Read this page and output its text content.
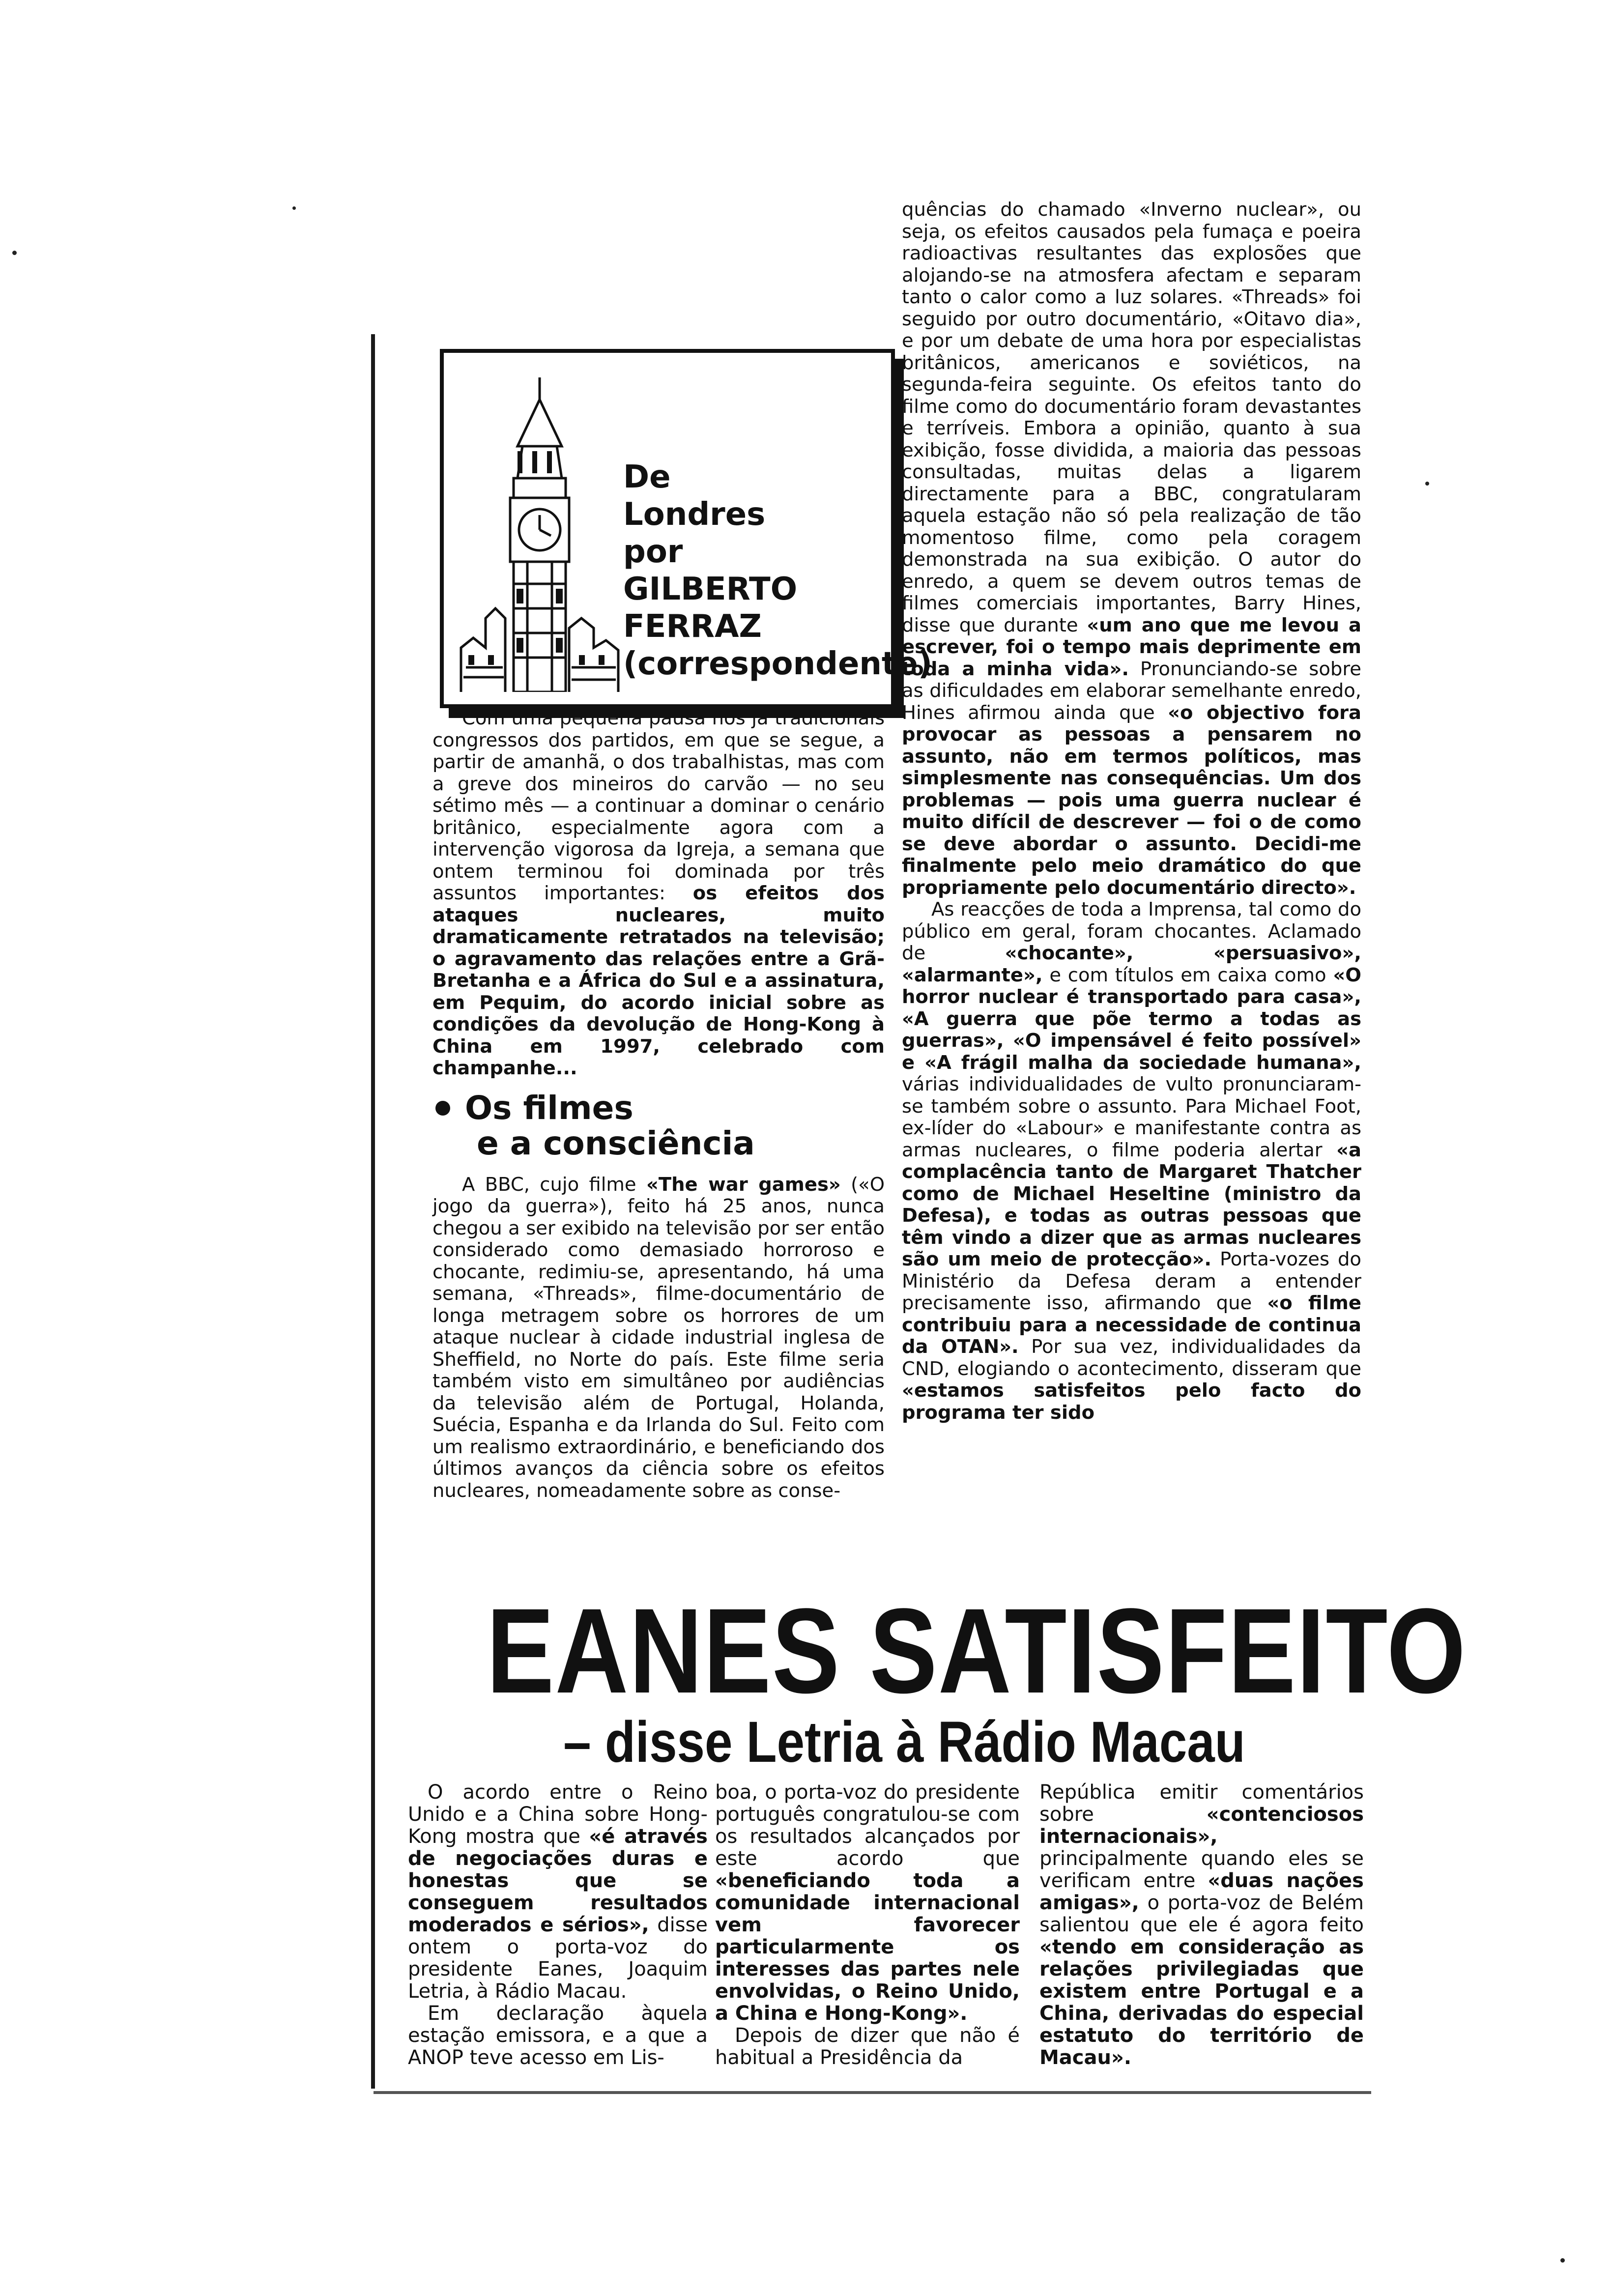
De
Londres
por
GILBERTO
FERRAZ
(correspondente)

Com uma pequena pausa nos já tradicionais congressos dos partidos, em que se segue, a partir de amanhã, o dos trabalhistas, mas com a greve dos mineiros do carvão — no seu sétimo mês — a continuar a dominar o cenário britânico, especialmente agora com a intervenção vigorosa da Igreja, a semana que ontem terminou foi dominada por três assuntos importantes: os efeitos dos ataques nucleares, muito dramaticamente retratados na televisão; o agravamento das relações entre a Grã-Bretanha e a África do Sul e a assinatura, em Pequim, do acordo inicial sobre as condições da devolução de Hong-Kong à China em 1997, celebrado com champanhe...

Os filmes
e a consciência

A BBC, cujo filme «The war games» («O jogo da guerra»), feito há 25 anos, nunca chegou a ser exibido na televisão por ser então considerado como demasiado horroroso e chocante, redimiu-se, apresentando, há uma semana, «Threads», filme-documentário de longa metragem sobre os horrores de um ataque nuclear à cidade industrial inglesa de Sheffield, no Norte do país. Este filme seria também visto em simultâneo por audiências da televisão além de Portugal, Holanda, Suécia, Espanha e da Irlanda do Sul. Feito com um realismo extraordinário, e beneficiando dos últimos avanços da ciência sobre os efeitos nucleares, nomeadamente sobre as conse-

quências do chamado «Inverno nuclear», ou seja, os efeitos causados pela fumaça e poeira radioactivas resultantes das explosões que alojando-se na atmosfera afectam e separam tanto o calor como a luz solares. «Threads» foi seguido por outro documentário, «Oitavo dia», e por um debate de uma hora por especialistas britânicos, americanos e soviéticos, na segunda-feira seguinte. Os efeitos tanto do filme como do documentário foram devastantes e terríveis. Embora a opinião, quanto à sua exibição, fosse dividida, a maioria das pessoas consultadas, muitas delas a ligarem directamente para a BBC, congratularam aquela estação não só pela realização de tão momentoso filme, como pela coragem demonstrada na sua exibição. O autor do enredo, a quem se devem outros temas de filmes comerciais importantes, Barry Hines, disse que durante «um ano que me levou a escrever, foi o tempo mais deprimente em toda a minha vida». Pronunciando-se sobre as dificuldades em elaborar semelhante enredo, Hines afirmou ainda que «o objectivo fora provocar as pessoas a pensarem no assunto, não em termos políticos, mas simplesmente nas consequências. Um dos problemas — pois uma guerra nuclear é muito difícil de descrever — foi o de como se deve abordar o assunto. Decidi-me finalmente pelo meio dramático do que propriamente pelo documentário directo».

As reacções de toda a Imprensa, tal como do público em geral, foram chocantes. Aclamado de «chocante», «persuasivo», «alarmante», e com títulos em caixa como «O horror nuclear é transportado para casa», «A guerra que põe termo a todas as guerras», «O impensável é feito possível» e «A frágil malha da sociedade humana», várias individualidades de vulto pronunciaram-se também sobre o assunto. Para Michael Foot, ex-líder do «Labour» e manifestante contra as armas nucleares, o filme poderia alertar «a complacência tanto de Margaret Thatcher como de Michael Heseltine (ministro da Defesa), e todas as outras pessoas que têm vindo a dizer que as armas nucleares são um meio de protecção». Porta-vozes do Ministério da Defesa deram a entender precisamente isso, afirmando que «o filme contribuiu para a necessidade de continua da OTAN». Por sua vez, individualidades da CND, elogiando o acontecimento, disseram que «estamos satisfeitos pelo facto do programa ter sido

EANES SATISFEITO
– disse Letria à Rádio Macau

O acordo entre o Reino Unido e a China sobre Hong-Kong mostra que «é através de negociações duras e honestas que se conseguem resultados moderados e sérios», disse ontem o porta-voz do presidente Eanes, Joaquim Letria, à Rádio Macau.

Em declaração àquela estação emissora, e a que a ANOP teve acesso em Lis-

boa, o porta-voz do presidente português congratulou-se com os resultados alcançados por este acordo que «beneficiando toda a comunidade internacional vem favorecer particularmente os interesses das partes nele envolvidas, o Reino Unido, a China e Hong-Kong».

Depois de dizer que não é habitual a Presidência da

República emitir comentários sobre «contenciosos internacionais», principalmente quando eles se verificam entre «duas nações amigas», o porta-voz de Belém salientou que ele é agora feito «tendo em consideração as relações privilegiadas que existem entre Portugal e a China, derivadas do especial estatuto do território de Macau».
